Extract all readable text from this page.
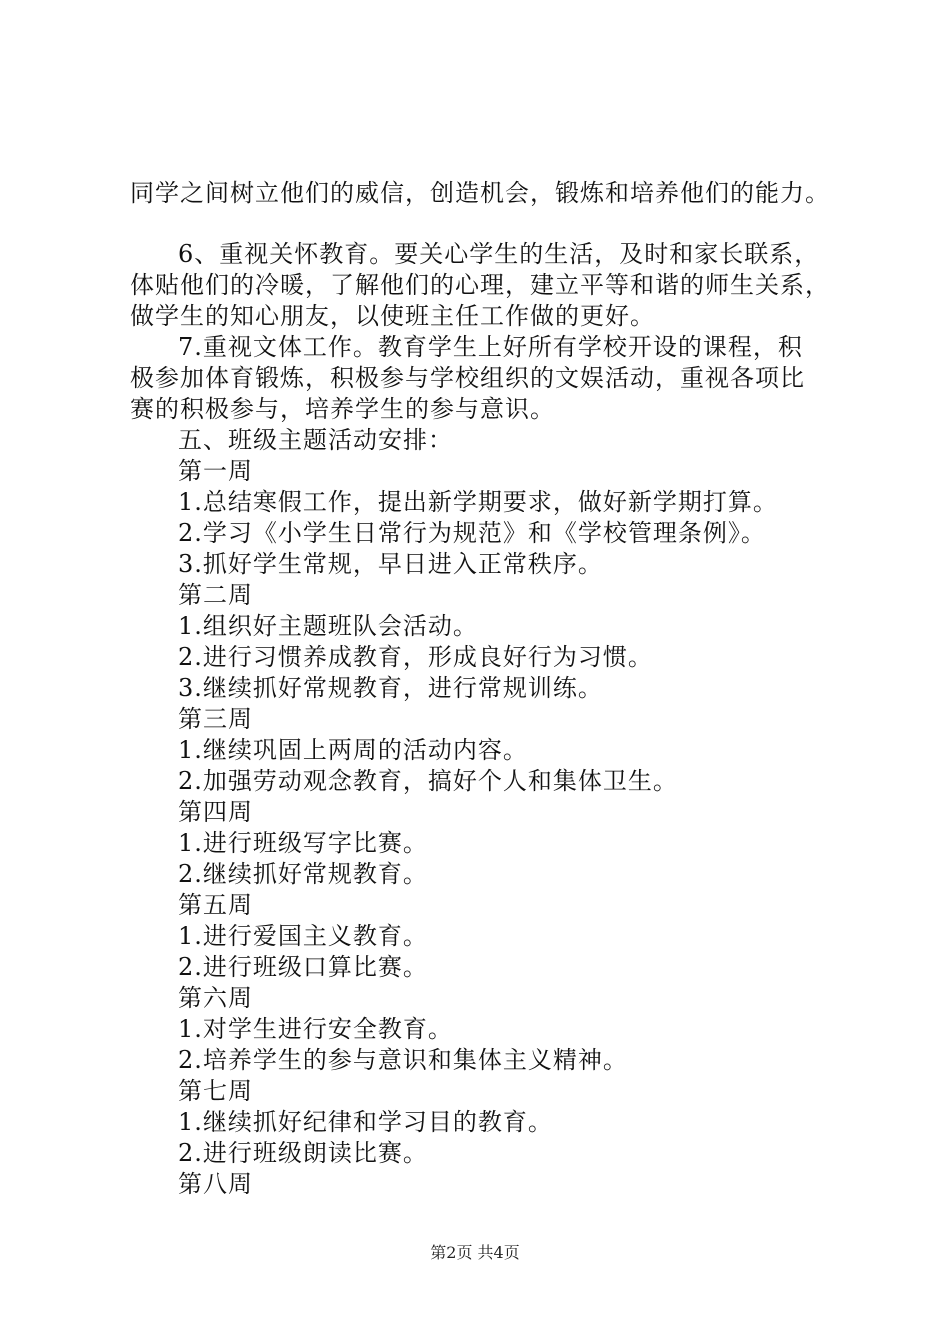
同学之间树立他们的威信，创造机会，锻炼和培养他们的能力。
6、重视关怀教育。要关心学生的生活，及时和家长联系，
体贴他们的冷暖，了解他们的心理，建立平等和谐的师生关系，
做学生的知心朋友，以使班主任工作做的更好。
7.重视文体工作。教育学生上好所有学校开设的课程，积
极参加体育锻炼，积极参与学校组织的文娱活动，重视各项比
赛的积极参与，培养学生的参与意识。
五、班级主题活动安排：
第一周
1.总结寒假工作，提出新学期要求，做好新学期打算。
2.学习《小学生日常行为规范》和《学校管理条例》。
3.抓好学生常规，早日进入正常秩序。
第二周
1.组织好主题班队会活动。
2.进行习惯养成教育，形成良好行为习惯。
3.继续抓好常规教育，进行常规训练。
第三周
1.继续巩固上两周的活动内容。
2.加强劳动观念教育，搞好个人和集体卫生。
第四周
1.进行班级写字比赛。
2.继续抓好常规教育。
第五周
1.进行爱国主义教育。
2.进行班级口算比赛。
第六周
1.对学生进行安全教育。
2.培养学生的参与意识和集体主义精神。
第七周
1.继续抓好纪律和学习目的教育。
2.进行班级朗读比赛。
第八周
第2页 共4页
